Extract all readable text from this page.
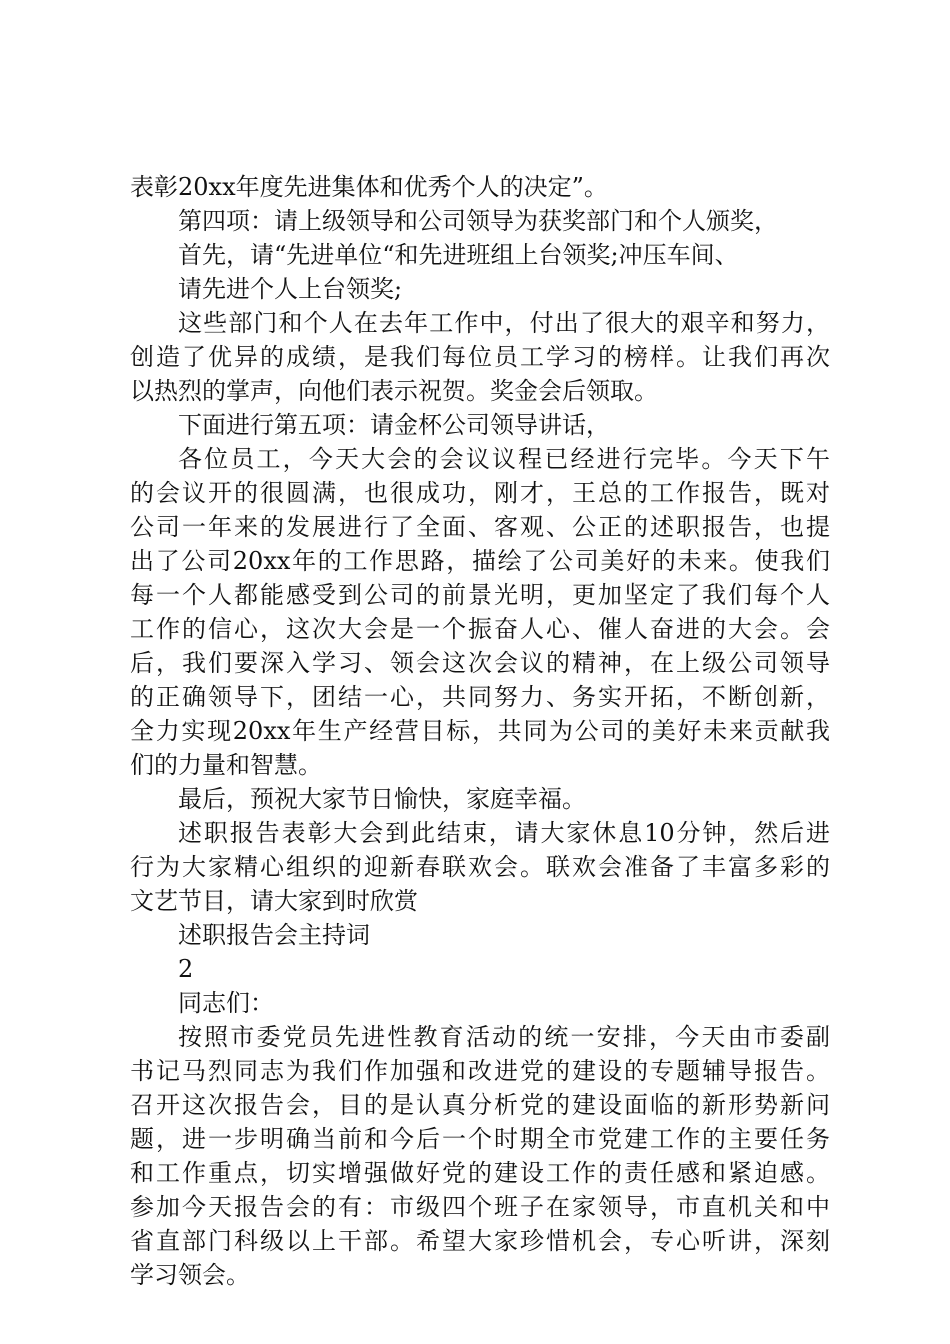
表彰20xx年度先进集体和优秀个人的决定”。
第四项：请上级领导和公司领导为获奖部门和个人颁奖，
首先，请“先进单位“和先进班组上台领奖;冲压车间、
请先进个人上台领奖;
这些部门和个人在去年工作中，付出了很大的艰辛和努力，
创造了优异的成绩，是我们每位员工学习的榜样。让我们再次
以热烈的掌声，向他们表示祝贺。奖金会后领取。
下面进行第五项：请金杯公司领导讲话，
各位员工，今天大会的会议议程已经进行完毕。今天下午
的会议开的很圆满，也很成功，刚才，王总的工作报告，既对
公司一年来的发展进行了全面、客观、公正的述职报告，也提
出了公司20xx年的工作思路，描绘了公司美好的未来。使我们
每一个人都能感受到公司的前景光明，更加坚定了我们每个人
工作的信心，这次大会是一个振奋人心、催人奋进的大会。会
后，我们要深入学习、领会这次会议的精神，在上级公司领导
的正确领导下，团结一心，共同努力、务实开拓，不断创新，
全力实现20xx年生产经营目标，共同为公司的美好未来贡献我
们的力量和智慧。
最后，预祝大家节日愉快，家庭幸福。
述职报告表彰大会到此结束，请大家休息10分钟，然后进
行为大家精心组织的迎新春联欢会。联欢会准备了丰富多彩的
文艺节目，请大家到时欣赏
述职报告会主持词
2
同志们：
按照市委党员先进性教育活动的统一安排，今天由市委副
书记马烈同志为我们作加强和改进党的建设的专题辅导报告。
召开这次报告会，目的是认真分析党的建设面临的新形势新问
题，进一步明确当前和今后一个时期全市党建工作的主要任务
和工作重点，切实增强做好党的建设工作的责任感和紧迫感。
参加今天报告会的有：市级四个班子在家领导，市直机关和中
省直部门科级以上干部。希望大家珍惜机会，专心听讲，深刻
学习领会。
